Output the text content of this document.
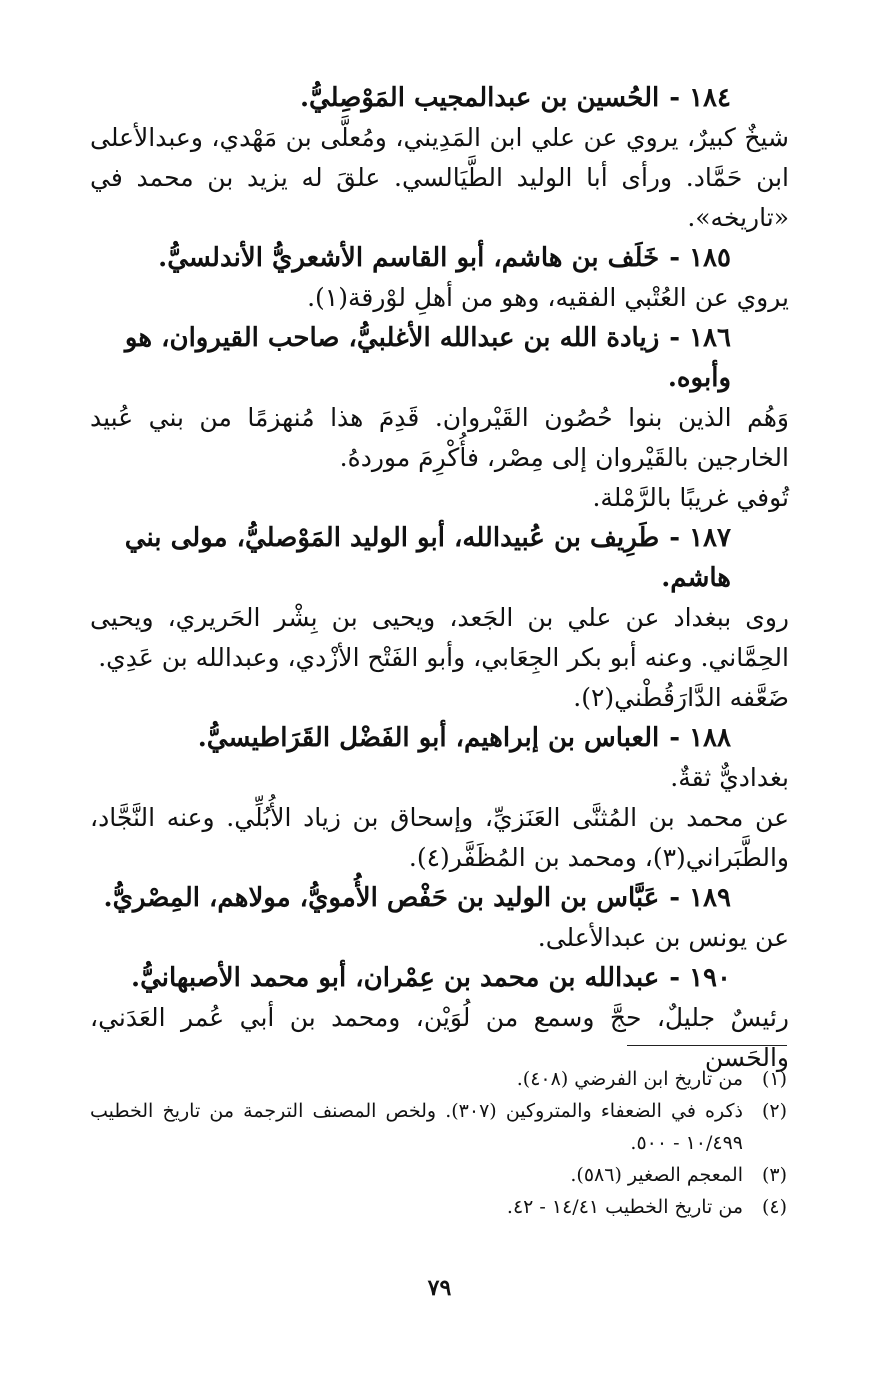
١٨٤ -الحُسين بن عبدالمجيب المَوْصِليُّ.
شيخٌ كبيرٌ، يروي عن علي ابن المَدِيني، ومُعلَّى بن مَهْدي، وعبدالأعلى ابن حَمَّاد. ورأى أبا الوليد الطَّيَالسي. علقَ له يزيد بن محمد في «تاريخه».
١٨٥ -خَلَف بن هاشم، أبو القاسم الأشعريُّ الأندلسيُّ.
يروي عن العُتْبي الفقيه، وهو من أهلِ لوْرقة(١).
١٨٦ -زيادة الله بن عبدالله الأغلبيُّ، صاحب القيروان، هو وأبوه.
وَهُم الذين بنوا حُصُون القَيْروان. قَدِمَ هذا مُنهزمًا من بني عُبيد الخارجين بالقَيْروان إلى مِصْر، فأُكْرِمَ موردهُ.
تُوفي غريبًا بالرَّمْلة.
١٨٧ -طَرِيف بن عُبيدالله، أبو الوليد المَوْصليُّ، مولى بني هاشم.
روى ببغداد عن علي بن الجَعد، ويحيى بن بِشْر الحَريري، ويحيى الحِمَّاني. وعنه أبو بكر الجِعَابي، وأبو الفَتْح الأزْدي، وعبدالله بن عَدِي.
ضَعَّفه الدَّارَقُطْني(٢).
١٨٨ -العباس بن إبراهيم، أبو الفَضْل القَرَاطيسيُّ.
بغداديٌّ ثقةٌ.
عن محمد بن المُثنَّى العَنَزيِّ، وإسحاق بن زياد الأُبُلِّي. وعنه النَّجَّاد، والطَّبَراني(٣)، ومحمد بن المُظَفَّر(٤).
١٨٩ -عَبَّاس بن الوليد بن حَفْص الأُمويُّ، مولاهم، المِصْريُّ.
عن يونس بن عبدالأعلى.
١٩٠ -عبدالله بن محمد بن عِمْران، أبو محمد الأصبهانيُّ.
رئيسٌ جليلٌ، حجَّ وسمع من لُوَيْن، ومحمد بن أبي عُمر العَدَني، والحَسن
(١)
من تاريخ ابن الفرضي (٤٠٨).
(٢)
ذكره في الضعفاء والمتروكين (٣٠٧). ولخص المصنف الترجمة من تاريخ الخطيب ١٠/٤٩٩ - ٥٠٠.
(٣)
المعجم الصغير (٥٨٦).
(٤)
من تاريخ الخطيب ١٤/٤١ - ٤٢.
٧٩
